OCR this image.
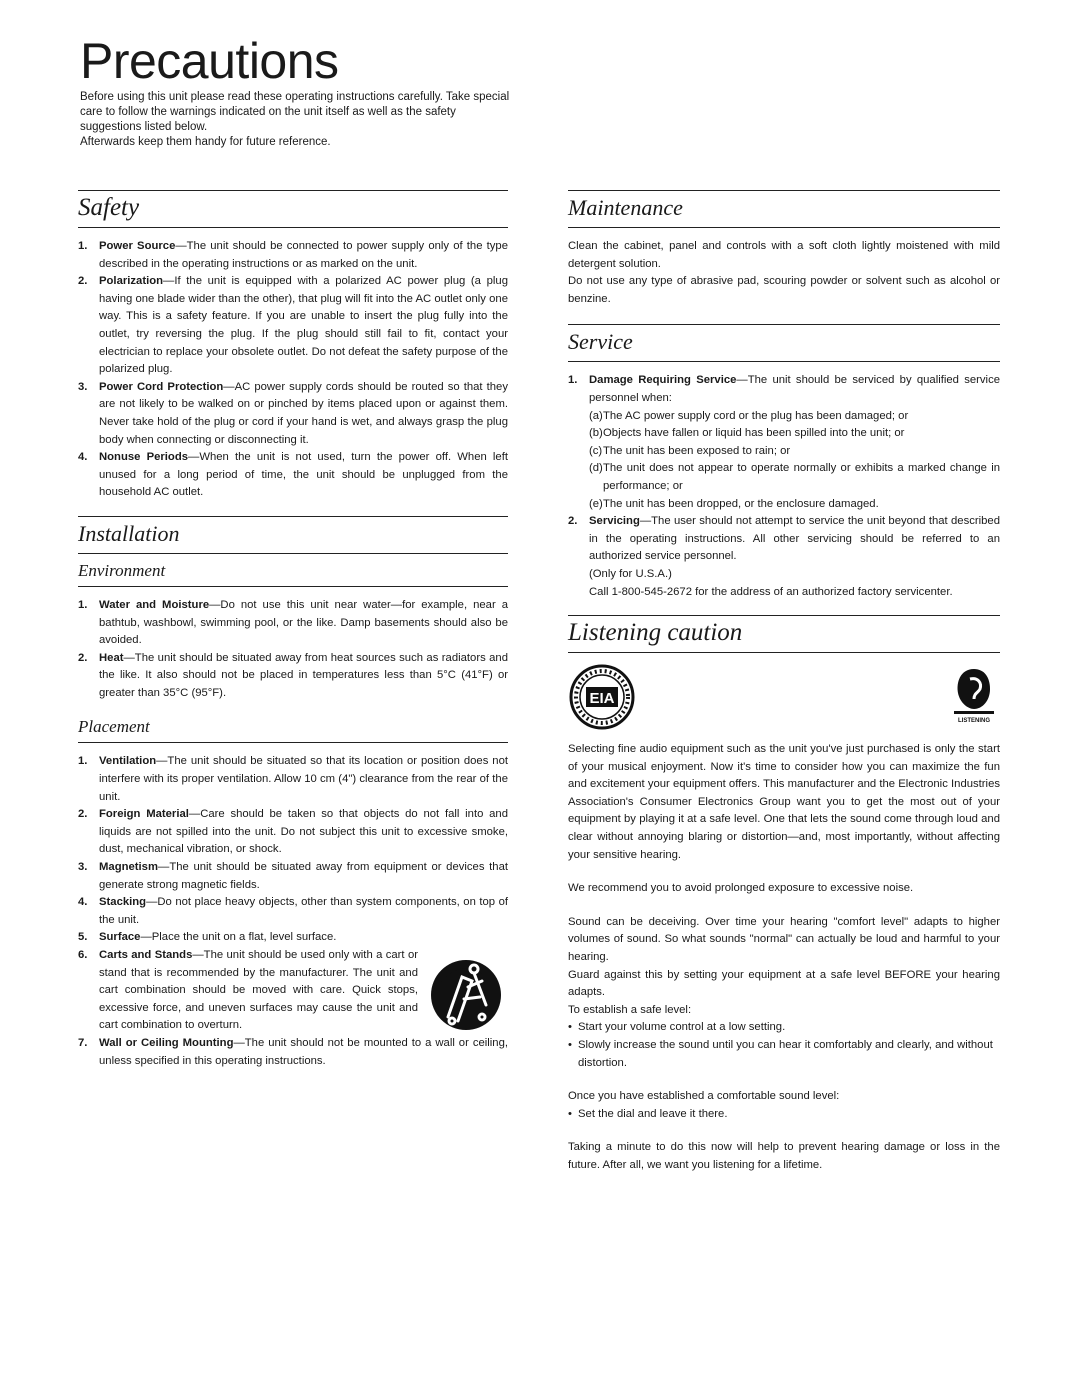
Precautions

Before using this unit please read these operating instructions carefully. Take special care to follow the warnings indicated on the unit itself as well as the safety suggestions listed below.

Afterwards keep them handy for future reference.

Safety
1. Power Source—The unit should be connected to power supply only of the type described in the operating instructions or as marked on the unit.
2. Polarization—If the unit is equipped with a polarized AC power plug (a plug having one blade wider than the other), that plug will fit into the AC outlet only one way. This is a safety feature. If you are unable to insert the plug fully into the outlet, try reversing the plug. If the plug should still fail to fit, contact your electrician to replace your obsolete outlet. Do not defeat the safety purpose of the polarized plug.
3. Power Cord Protection—AC power supply cords should be routed so that they are not likely to be walked on or pinched by items placed upon or against them. Never take hold of the plug or cord if your hand is wet, and always grasp the plug body when connecting or disconnecting it.
4. Nonuse Periods—When the unit is not used, turn the power off. When left unused for a long period of time, the unit should be unplugged from the household AC outlet.
Installation
Environment
1. Water and Moisture—Do not use this unit near water—for example, near a bathtub, washbowl, swimming pool, or the like. Damp basements should also be avoided.
2. Heat—The unit should be situated away from heat sources such as radiators and the like. It also should not be placed in temperatures less than 5°C (41°F) or greater than 35°C (95°F).
Placement
1. Ventilation—The unit should be situated so that its location or position does not interfere with its proper ventilation. Allow 10 cm (4") clearance from the rear of the unit.
2. Foreign Material—Care should be taken so that objects do not fall into and liquids are not spilled into the unit. Do not subject this unit to excessive smoke, dust, mechanical vibration, or shock.
3. Magnetism—The unit should be situated away from equipment or devices that generate strong magnetic fields.
4. Stacking—Do not place heavy objects, other than system components, on top of the unit.
5. Surface—Place the unit on a flat, level surface.
6. Carts and Stands—The unit should be used only with a cart or stand that is recommended by the manufacturer. The unit and cart combination should be moved with care. Quick stops, excessive force, and uneven surfaces may cause the unit and cart combination to overturn.
7. Wall or Ceiling Mounting—The unit should not be mounted to a wall or ceiling, unless specified in this operating instructions.
Maintenance

Clean the cabinet, panel and controls with a soft cloth lightly moistened with mild detergent solution.

Do not use any type of abrasive pad, scouring powder or solvent such as alcohol or benzine.

Service
1. Damage Requiring Service—The unit should be serviced by qualified service personnel when:
(a) The AC power supply cord or the plug has been damaged; or
(b) Objects have fallen or liquid has been spilled into the unit; or
(c) The unit has been exposed to rain; or
(d) The unit does not appear to operate normally or exhibits a marked change in performance; or
(e) The unit has been dropped, or the enclosure damaged.
2. Servicing—The user should not attempt to service the unit beyond that described in the operating instructions. All other servicing should be referred to an authorized service personnel.
(Only for U.S.A.)
Call 1-800-545-2672 for the address of an authorized factory servicenter.
Listening caution
EIA
LISTENING

Selecting fine audio equipment such as the unit you've just purchased is only the start of your musical enjoyment. Now it's time to consider how you can maximize the fun and excitement your equipment offers. This manufacturer and the Electronic Industries Association's Consumer Electronics Group want you to get the most out of your equipment by playing it at a safe level. One that lets the sound come through loud and clear without annoying blaring or distortion—and, most importantly, without affecting your sensitive hearing.

We recommend you to avoid prolonged exposure to excessive noise.

Sound can be deceiving. Over time your hearing "comfort level" adapts to higher volumes of sound. So what sounds "normal" can actually be loud and harmful to your hearing.

Guard against this by setting your equipment at a safe level BEFORE your hearing adapts.

To establish a safe level:

• Start your volume control at a low setting.
• Slowly increase the sound until you can hear it comfortably and clearly, and without distortion.

Once you have established a comfortable sound level:

• Set the dial and leave it there.

Taking a minute to do this now will help to prevent hearing damage or loss in the future. After all, we want you listening for a lifetime.
